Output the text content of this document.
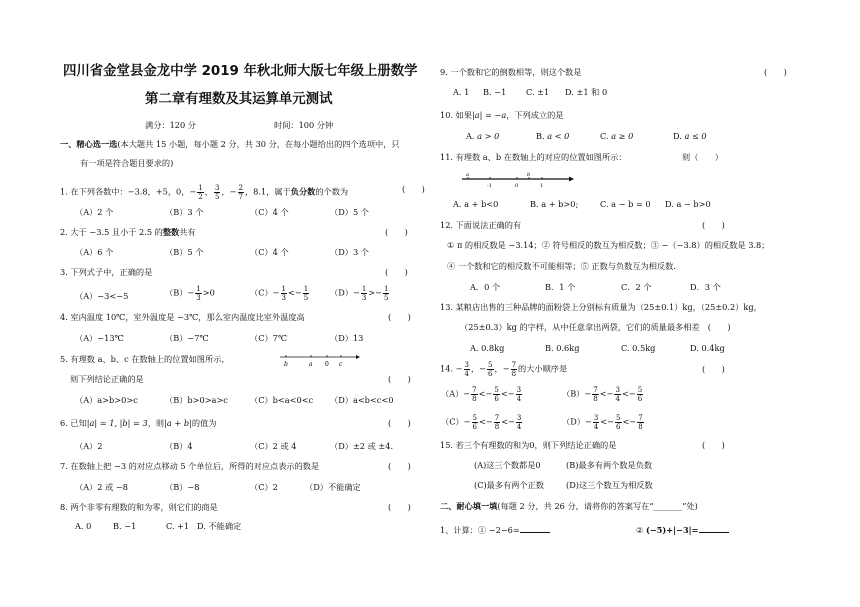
四川省金堂县金龙中学 2019 年秋北师大版七年级上册数学
第二章有理数及其运算单元测试
满分：120 分	时间：100 分钟
一、精心选一选(本大题共 15 小题，每小题 2 分，共 30 分，在每小题给出的四个选项中，只
有一项是符合题目要求的)
1. 在下列各数中：−3.8，+5，0，− $\frac{1}{2}$ ， $\frac{3}{5}$ ，− $\frac{2}{7}$ ，8.1，属于负分数的个数为	(　　)
（A）2 个	（B）3 个	（C）4 个	（D）5 个
2. 大于 −3.5 且小于 2.5 的整数共有	(　　)
（A）6 个	（B）5 个	（C）4 个	（D）3 个
3. 下列式子中，正确的是	(　　)
（A）−3<−5	$(B)- \frac{1}{3} >0$	$(C)- \frac{1}{3} <- \frac{1}{5}$	$(D)- \frac{1}{3} >- \frac{1}{5}$
4. 室内温度 10℃，室外温度是 −3℃，那么室内温度比室外温度高	(　　)
（A）−13℃	（B）−7℃	（C）7℃	（D）13
5. 有理数 a、b、c 在数轴上的位置如图所示，
b	a 0 c
则下列结论正确的是	(　　)
（A）a>b>0>c	（B）b>0>a>c	（C）b<a<0<c （D）a<b<c<0
6. 已知|a| = 1, |b| = 3，则|a + b|的值为	(　　)
（A）2	（B）4	（C）2 或 4	（D）±2 或 ±4.
7. 在数轴上把 −3 的对应点移动 5 个单位后，所得的对应点表示的数是	(　　)
（A）2 或 −8	（B）−8	（C）2	（D）不能确定
8. 两个非零有理数的和为零，则它们的商是	(　　)
A. 0	B. −1	C. +1 D. 不能确定
9. 一个数和它的倒数相等，则这个数是	(　　)
A. 1 B. −1 C. ±1 D. ±1 和 0
10. 如果|a| = −a，下列成立的是
A. a > 0	B. a < 0	C. a ≥ 0	D. a ≤ 0
11. 有理数 a、b 在数轴上的对应的位置如图所示：	则（　　）
a
-1	0
b
1
A. a + b<0	B. a + b>0;	C. a − b = 0 D. a − b>0
12. 下面说法正确的有	(　　)
① π 的相反数是 −3.14；② 符号相反的数互为相反数；③ −（−3.8）的相反数是 3.8；
④ 一个数和它的相反数不可能相等；⑤ 正数与负数互为相反数.
A．0 个	B．1 个	C．2 个	D．3 个
13. 某粮店出售的三种品牌的面粉袋上分别标有质量为（25±0.1）kg，（25±0.2）kg，
（25±0.3）kg 的字样，从中任意拿出两袋，它们的质量最多相差　(　　)
A. 0.8kg	B. 0.6kg	C. 0.5kg	D. 0.4kg
14. − $\frac{3}{4}$ ，− $\frac{5}{6}$ ，− $\frac{7}{8}$ 的大小顺序是	(　　)
$(A)- \frac{7}{8} <- \frac{5}{6} <- \frac{3}{4}$	$(B)- \frac{7}{8} <- \frac{3}{4} <- \frac{5}{6}$
$(C)- \frac{5}{6} <- \frac{7}{8} <- \frac{3}{4}$	$(D)- \frac{3}{4} <- \frac{5}{6} <- \frac{7}{8}$
15. 若三个有理数的和为0，则下列结论正确的是	(　　)
(A)这三个数都是0	(B)最多有两个数是负数
(C)最多有两个正数	(D)这三个数互为相反数
二、耐心填一填(每题 2 分，共 26 分，请将你的答案写在“_______”处)
1、计算：① −2−6=	② (−5)+|−3|=
